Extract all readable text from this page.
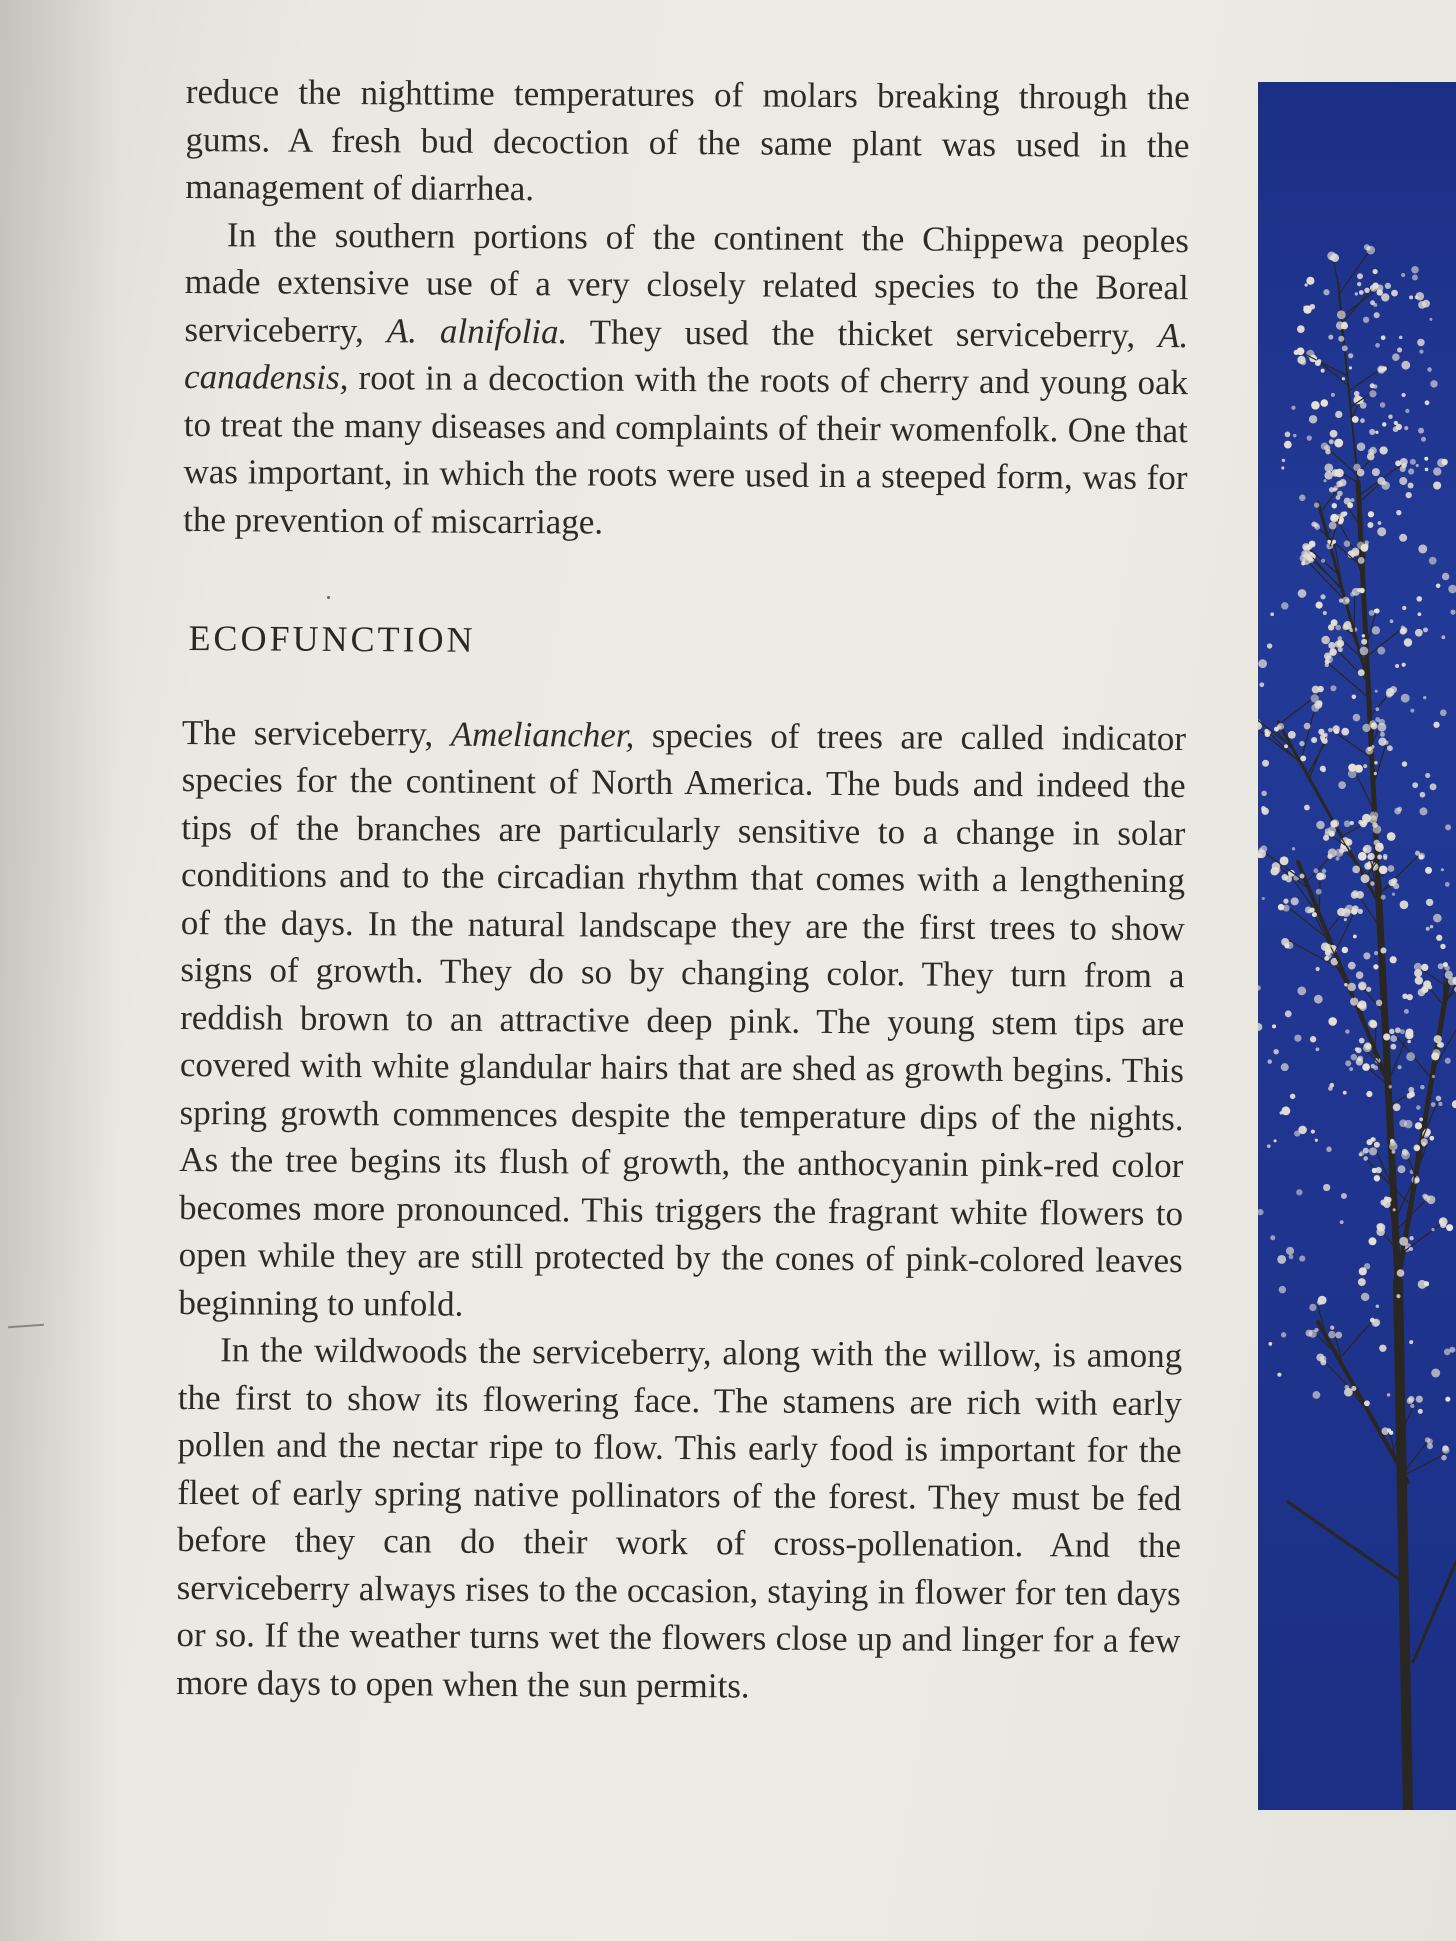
reduce the nighttime temperatures of molars breaking through the gums. A fresh bud decoction of the same plant was used in the management of diarrhea.

In the southern portions of the continent the Chippewa peoples made extensive use of a very closely related species to the Boreal serviceberry, A. alnifolia. They used the thicket serviceberry, A. canadensis, root in a decoction with the roots of cherry and young oak to treat the many diseases and complaints of their womenfolk. One that was important, in which the roots were used in a steeped form, was for the prevention of miscarriage.

ECOFUNCTION

The serviceberry, Ameliancher, species of trees are called indicator species for the continent of North America. The buds and indeed the tips of the branches are particularly sensitive to a change in solar conditions and to the circadian rhythm that comes with a lengthening of the days. In the natural landscape they are the first trees to show signs of growth. They do so by changing color. They turn from a reddish brown to an attractive deep pink. The young stem tips are covered with white glandular hairs that are shed as growth begins. This spring growth commences despite the temperature dips of the nights. As the tree begins its flush of growth, the anthocyanin pink-red color becomes more pronounced. This triggers the fragrant white flowers to open while they are still protected by the cones of pink-colored leaves beginning to unfold.

In the wildwoods the serviceberry, along with the willow, is among the first to show its flowering face. The stamens are rich with early pollen and the nectar ripe to flow. This early food is important for the fleet of early spring native pollinators of the forest. They must be fed before they can do their work of cross-pollenation. And the serviceberry always rises to the occasion, staying in flower for ten days or so. If the weather turns wet the flowers close up and linger for a few more days to open when the sun permits.
